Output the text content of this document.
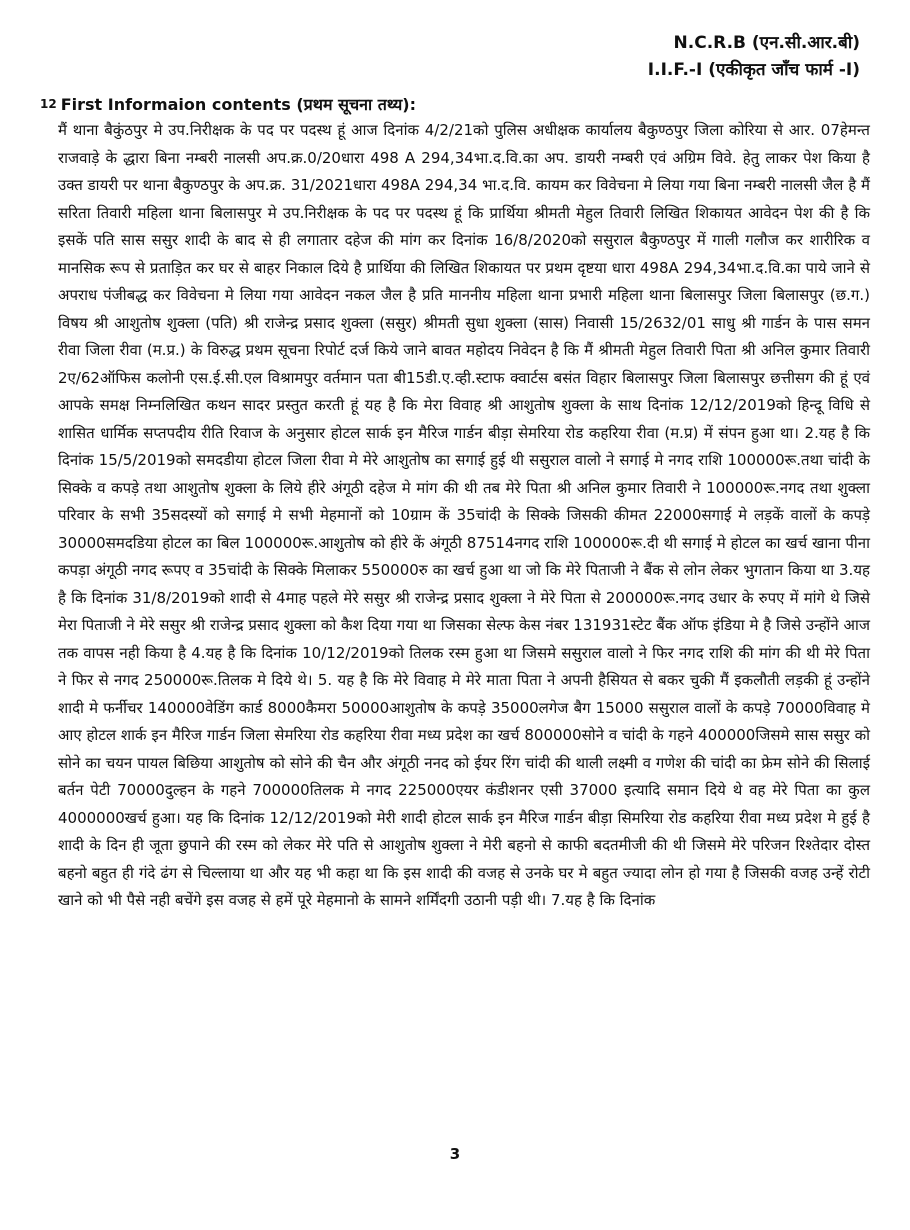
N.C.R.B (एन.सी.आर.बी)
I.I.F.-I (एकीकृत जाँच फार्म -I)
12 First Informaion contents (प्रथम सूचना तथ्य):
मैं थाना बैकुंठपुर मे उप.निरीक्षक के पद पर पदस्थ हूं आज दिनांक 4/2/21को पुलिस अधीक्षक कार्यालय बैकुण्ठपुर जिला कोरिया से आर. 07हेमन्त राजवाड़े के द्धारा बिना नम्बरी नालसी अप.क्र.0/20धारा 498 A 294,34भा.द.वि.का अप. डायरी नम्बरी एवं अग्रिम विवे. हेतु लाकर पेश किया है उक्त डायरी पर थाना बैकुण्ठपुर के अप.क्र. 31/2021धारा 498A 294,34 भा.द.वि. कायम कर विवेचना मे लिया गया बिना नम्बरी नालसी जैल है मैं सरिता तिवारी महिला थाना बिलासपुर मे उप.निरीक्षक के पद पर पदस्थ हूं कि प्रार्थिया श्रीमती मेहुल तिवारी लिखित शिकायत आवेदन पेश की है कि इसकें पति सास ससुर शादी के बाद से ही लगातार दहेज की मांग कर दिनांक 16/8/2020को ससुराल बैकुण्ठपुर में गाली गलौज कर शारीरिक व मानसिक रूप से प्रताड़ित कर घर से बाहर निकाल दिये है प्रार्थिया की लिखित शिकायत पर प्रथम दृष्टया धारा 498A 294,34भा.द.वि.का पाये जाने से अपराध पंजीबद्ध कर विवेचना मे लिया गया आवेदन नकल जैल है प्रति माननीय महिला थाना प्रभारी महिला थाना बिलासपुर जिला बिलासपुर (छ.ग.) विषय श्री आशुतोष शुक्ला (पति) श्री राजेन्द्र प्रसाद शुक्ला (ससुर) श्रीमती सुधा शुक्ला (सास) निवासी 15/2632/01 साधु श्री गार्डन के पास समन रीवा जिला रीवा (म.प्र.) के विरुद्ध प्रथम सूचना रिपोर्ट दर्ज किये जाने बावत महोदय निवेदन है कि मैं श्रीमती मेहुल तिवारी पिता श्री अनिल कुमार तिवारी 2ए/62ऑफिस कलोनी एस.ई.सी.एल विश्रामपुर वर्तमान पता बी15डी.ए.व्ही.स्टाफ क्वार्टस बसंत विहार बिलासपुर जिला बिलासपुर छत्तीसग की हूं एवं आपके समक्ष निम्नलिखित कथन सादर प्रस्तुत करती हूं यह है कि मेरा विवाह श्री आशुतोष शुक्ला के साथ दिनांक 12/12/2019को हिन्दू विधि से शासित धार्मिक सप्तपदीय रीति रिवाज के अनुसार होटल सार्क इन मैरिज गार्डन बीड़ा सेमरिया रोड कहरिया रीवा (म.प्र) में संपन हुआ था। 2.यह है कि दिनांक 15/5/2019को समदडीया होटल जिला रीवा मे मेरे आशुतोष का सगाई हुई थी ससुराल वालो ने सगाई मे नगद राशि 100000रू.तथा चांदी के सिक्के व कपड़े तथा आशुतोष शुक्ला के लिये हीरे अंगूठी दहेज मे मांग की थी तब मेरे पिता श्री अनिल कुमार तिवारी ने 100000रू.नगद तथा शुक्ला परिवार के सभी 35सदस्यों को सगाई मे सभी मेहमानों को 10ग्राम कें 35चांदी के सिक्के जिसकी कीमत 22000सगाई मे लड़कें वालों के कपड़े 30000समदडिया होटल का बिल 100000रू.आशुतोष को हीरे कें अंगूठी 87514नगद राशि 100000रू.दी थी सगाई मे होटल का खर्च खाना पीना कपड़ा अंगूठी नगद रूपए व 35चांदी के सिक्के मिलाकर 550000रु का खर्च हुआ था जो कि मेरे पिताजी ने बैंक से लोन लेकर भुगतान किया था 3.यह है कि दिनांक 31/8/2019को शादी से 4माह पहले मेरे ससुर श्री राजेन्द्र प्रसाद शुक्ला ने मेरे पिता से 200000रू.नगद उधार के रुपए में मांगे थे जिसे मेरा पिताजी ने मेरे ससुर श्री राजेन्द्र प्रसाद शुक्ला को कैश दिया गया था जिसका सेल्फ केस नंबर 131931स्टेट बैंक ऑफ इंडिया मे है जिसे उन्होंने आज तक वापस नही किया है 4.यह है कि दिनांक 10/12/2019को तिलक रस्म हुआ था जिसमे ससुराल वालो ने फिर नगद राशि की मांग की थी मेरे पिता ने फिर से नगद 250000रू.तिलक मे दिये थे। 5. यह है कि मेरे विवाह मे मेरे माता पिता ने अपनी हैसियत से बकर चुकी मैं इकलौती लड़की हूं उन्होंने शादी मे फर्नीचर 140000वेडिंग कार्ड 8000कैमरा 50000आशुतोष के कपड़े 35000लगेज बैग 15000 ससुराल वालों के कपड़े 70000विवाह मे आए होटल शार्क इन मैरिज गार्डन जिला सेमरिया रोड कहरिया रीवा मध्य प्रदेश का खर्च 800000सोने व चांदी के गहने 400000जिसमे सास ससुर को सोने का चयन पायल बिछिया आशुतोष को सोने की चैन और अंगूठी ननद को ईयर रिंग चांदी की थाली लक्ष्मी व गणेश की चांदी का फ्रेम सोने की सिलाई बर्तन पेटी 70000दुल्हन के गहने 700000तिलक मे नगद 225000एयर कंडीशनर एसी 37000 इत्यादि समान दिये थे वह मेरे पिता का कुल 4000000खर्च हुआ। यह कि दिनांक 12/12/2019को मेरी शादी होटल सार्क इन मैरिज गार्डन बीड़ा सिमरिया रोड कहरिया रीवा मध्य प्रदेश मे हुई है शादी के दिन ही जूता छुपाने की रस्म को लेकर मेरे पति से आशुतोष शुक्ला ने मेरी बहनो से काफी बदतमीजी की थी जिसमे मेरे परिजन रिश्तेदार दोस्त बहनो बहुत ही गंदे ढंग से चिल्लाया था और यह भी कहा था कि इस शादी की वजह से उनके घर मे बहुत ज्यादा लोन हो गया है जिसकी वजह उन्हें रोटी खाने को भी पैसे नही बचेंगे इस वजह से हमें पूरे मेहमानो के सामने शर्मिंदगी उठानी पड़ी थी। 7.यह है कि दिनांक
3
